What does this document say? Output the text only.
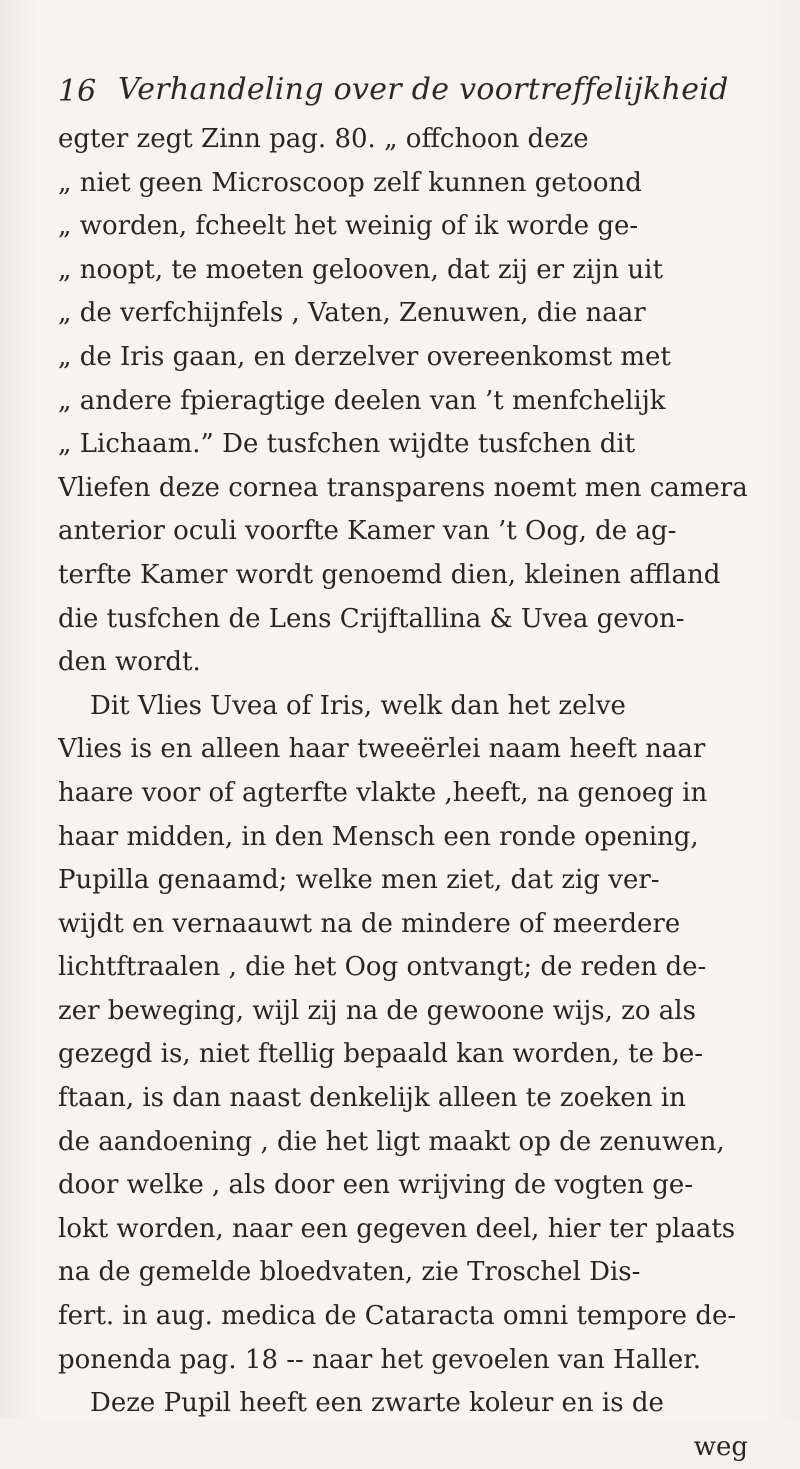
16 Verhandeling over de voortreffelijkheid
egter zegt Zinn pag. 80. „ offchoon deze
„ niet geen Microscoop zelf kunnen getoond
„ worden, fcheelt het weinig of ik worde ge-
„ noopt, te moeten gelooven, dat zij er zijn uit
„ de verfchijnfels , Vaten, Zenuwen, die naar
„ de Iris gaan, en derzelver overeenkomst met
„ andere fpieragtige deelen van ’t menfchelijk
„ Lichaam.” De tusfchen wijdte tusfchen dit
Vliefen deze cornea transparens noemt men camera
anterior oculi voorfte Kamer van ’t Oog, de ag-
terfte Kamer wordt genoemd dien, kleinen affland
die tusfchen de Lens Crijftallina & Uvea gevon-
den wordt.
Dit Vlies Uvea of Iris, welk dan het zelve
Vlies is en alleen haar tweeërlei naam heeft naar
haare voor of agterfte vlakte ,heeft, na genoeg in
haar midden, in den Mensch een ronde opening,
Pupilla genaamd; welke men ziet, dat zig ver-
wijdt en vernaauwt na de mindere of meerdere
lichtftraalen , die het Oog ontvangt; de reden de-
zer beweging, wijl zij na de gewoone wijs, zo als
gezegd is, niet ftellig bepaald kan worden, te be-
ftaan, is dan naast denkelijk alleen te zoeken in
de aandoening , die het ligt maakt op de zenuwen,
door welke , als door een wrijving de vogten ge-
lokt worden, naar een gegeven deel, hier ter plaats
na de gemelde bloedvaten, zie Troschel Dis-
fert. in aug. medica de Cataracta omni tempore de-
ponenda pag. 18 -- naar het gevoelen van Haller.
Deze Pupil heeft een zwarte koleur en is de
weg
